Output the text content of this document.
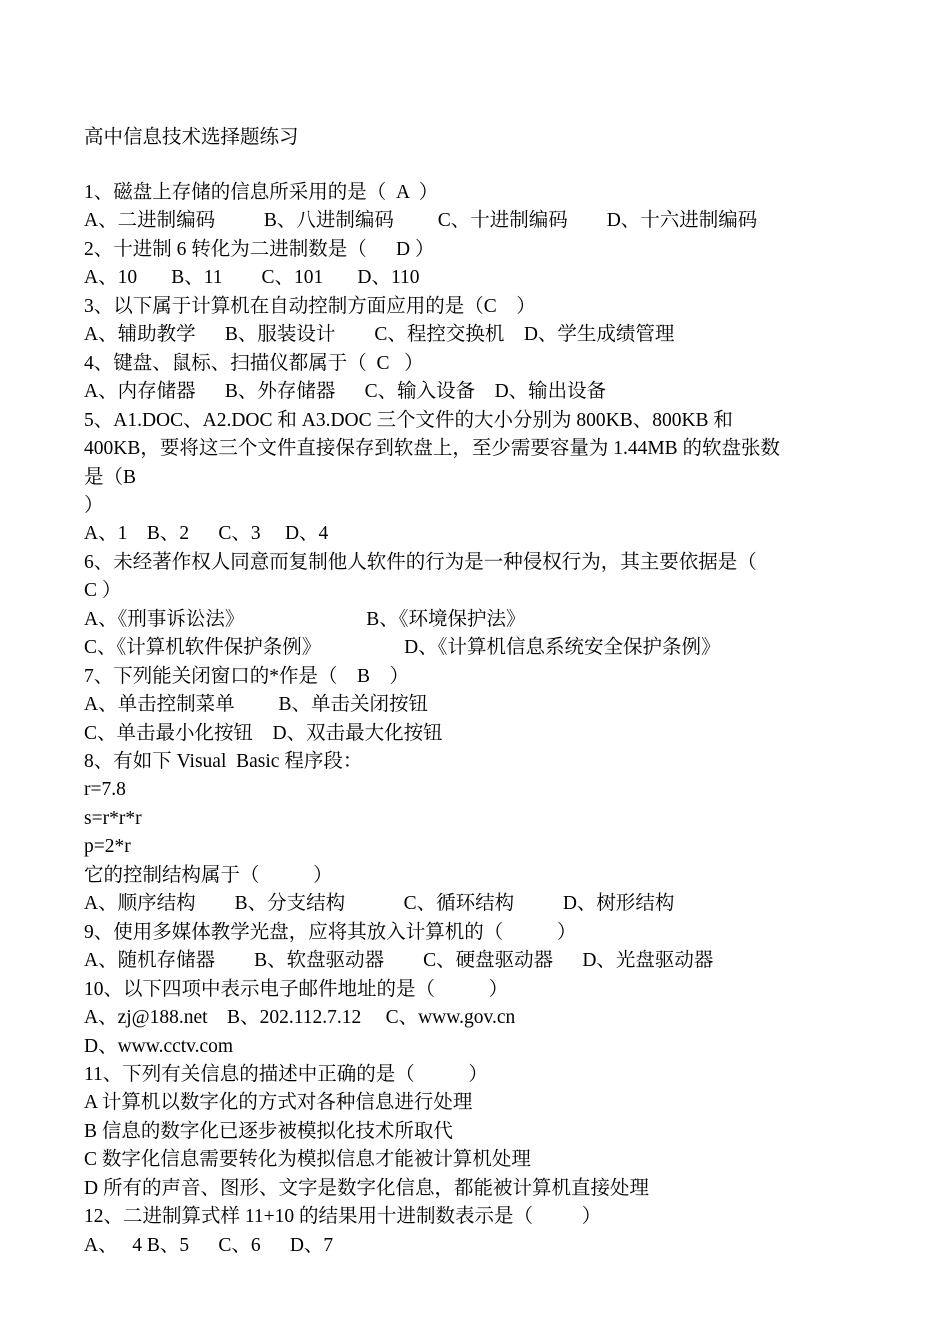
高中信息技术选择题练习

1、磁盘上存储的信息所采用的是（  A  ）

A、二进制编码          B、八进制编码         C、十进制编码        D、十六进制编码

2、十进制 6 转化为二进制数是（      D ）

A、10       B、11        C、101       D、110

3、以下属于计算机在自动控制方面应用的是（C    ）

A、辅助教学      B、服装设计        C、程控交换机    D、学生成绩管理

4、键盘、鼠标、扫描仪都属于（  C   ）

A、内存储器      B、外存储器      C、输入设备    D、输出设备

5、A1.DOC、A2.DOC 和 A3.DOC 三个文件的大小分别为 800KB、800KB 和

400KB，要将这三个文件直接保存到软盘上，至少需要容量为 1.44MB 的软盘张数

是（B

）

A、1    B、2      C、3     D、4

6、未经著作权人同意而复制他人软件的行为是一种侵权行为，其主要依据是（

C ）

A、《刑事诉讼法》                         B、《环境保护法》

C、《计算机软件保护条例》                 D、《计算机信息系统安全保护条例》

7、下列能关闭窗口的*作是（    B    ）

A、单击控制菜单         B、单击关闭按钮

C、单击最小化按钮    D、双击最大化按钮

8、有如下 Visual  Basic 程序段：

r=7.8

s=r*r*r

p=2*r

它的控制结构属于（           ）

A、顺序结构        B、分支结构            C、循环结构          D、树形结构

9、使用多媒体教学光盘，应将其放入计算机的（           ）

A、随机存储器        B、软盘驱动器        C、硬盘驱动器      D、光盘驱动器

10、以下四项中表示电子邮件地址的是（           ）

A、zj@188.net    B、202.112.7.12     C、www.gov.cn

D、www.cctv.com

11、下列有关信息的描述中正确的是（           ）

A 计算机以数字化的方式对各种信息进行处理

B 信息的数字化已逐步被模拟化技术所取代

C 数字化信息需要转化为模拟信息才能被计算机处理

D 所有的声音、图形、文字是数字化信息，都能被计算机直接处理

12、二进制算式样 11+10 的结果用十进制数表示是（          ）

A、   4 B、5      C、6      D、7
